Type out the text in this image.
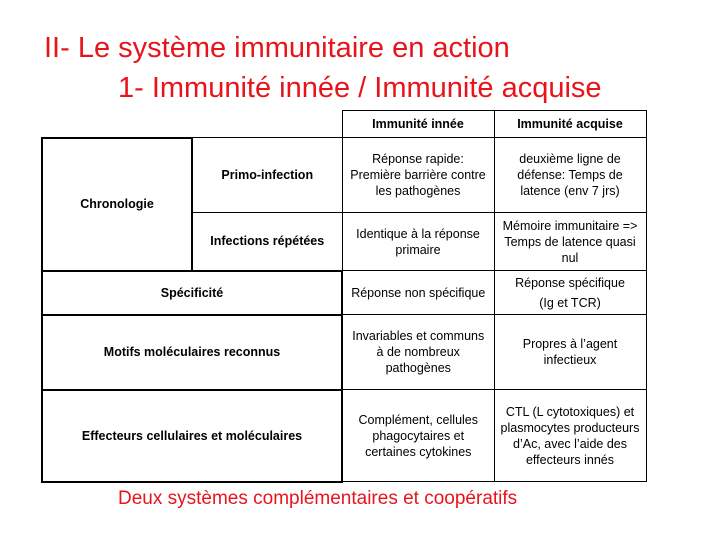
II- Le système immunitaire en action
1- Immunité innée / Immunité acquise
		Immunité innée	Immunité acquise
Chronologie	Primo-infection	Réponse rapide: Première barrière contre les pathogènes	deuxième ligne de défense: Temps de latence (env 7 jrs)
	Infections répétées	Identique à la réponse primaire	Mémoire immunitaire => Temps de latence quasi nul
Spécificité		Réponse non spécifique	Réponse spécifique
(Ig et TCR)

Motifs moléculaires reconnus		Invariables et communs à de nombreux pathogènes	Propres à l’agent infectieux
Effecteurs cellulaires et moléculaires		Complément, cellules phagocytaires et certaines cytokines	CTL (L cytotoxiques) et plasmocytes producteurs d’Ac, avec l’aide des effecteurs innés
Deux systèmes complémentaires et coopératifs
